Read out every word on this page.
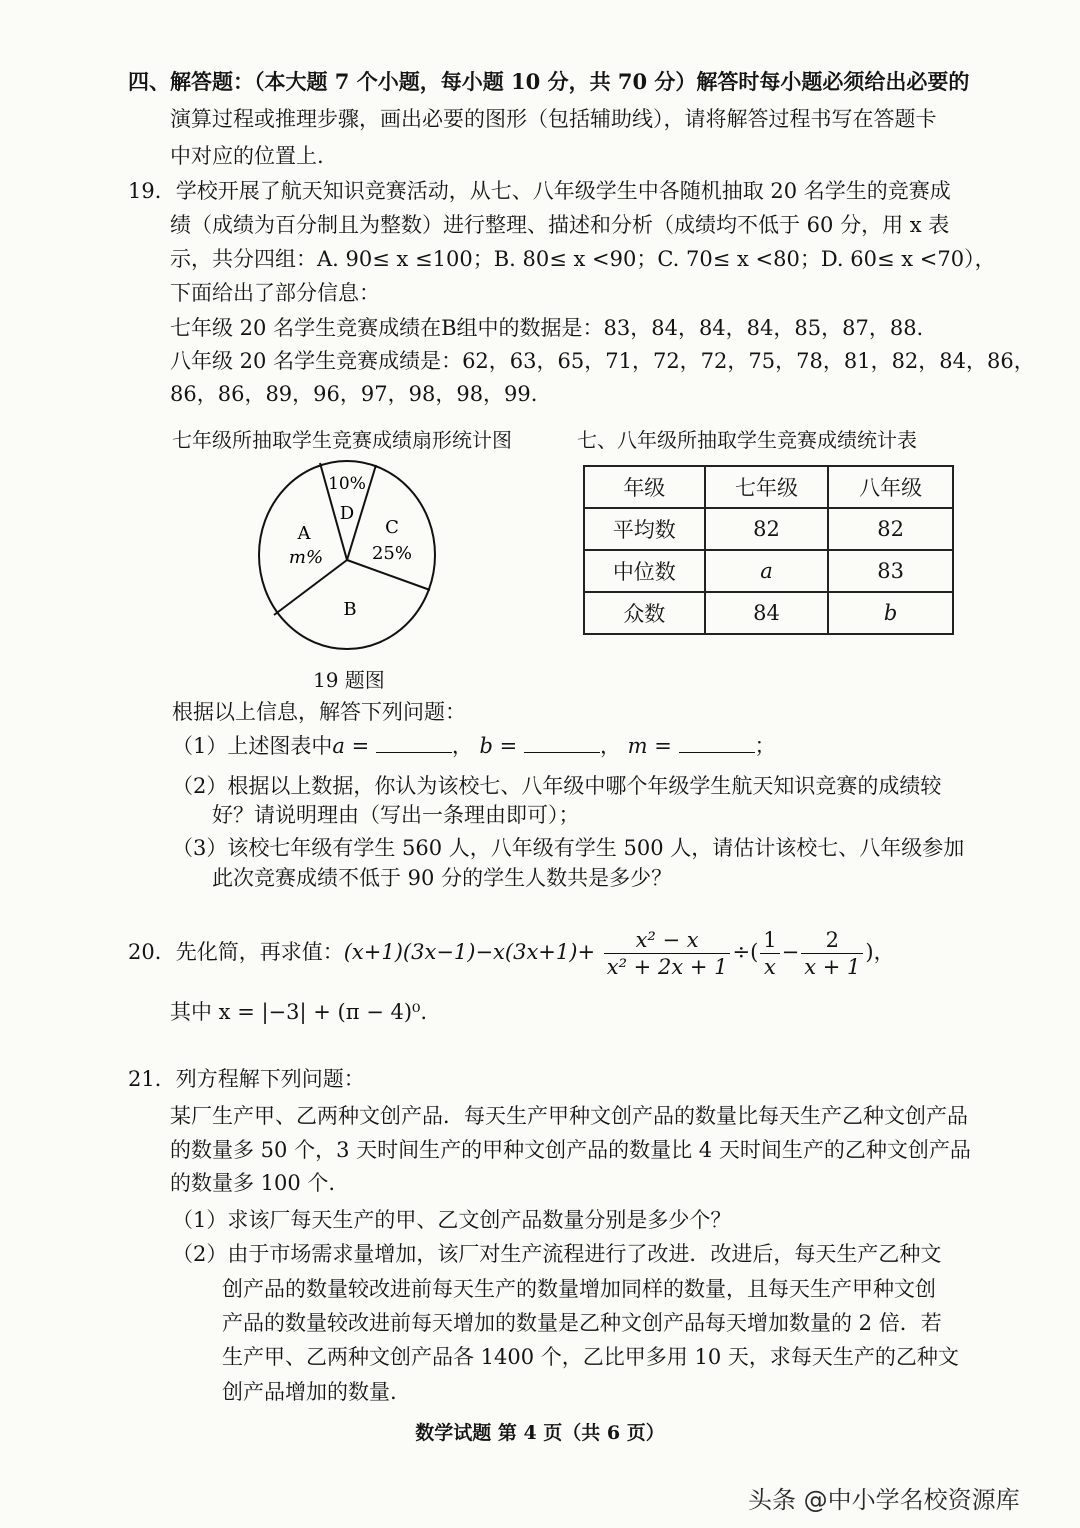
四、解答题：（本大题 7 个小题，每小题 10 分，共 70 分）解答时每小题必须给出必要的
演算过程或推理步骤，画出必要的图形（包括辅助线），请将解答过程书写在答题卡
中对应的位置上.
19．学校开展了航天知识竞赛活动，从七、八年级学生中各随机抽取 20 名学生的竞赛成
绩（成绩为百分制且为整数）进行整理、描述和分析（成绩均不低于 60 分，用 x 表
示，共分四组：A. 90≤ x ≤100；B. 80≤ x <90；C. 70≤ x <80；D. 60≤ x <70），
下面给出了部分信息：
七年级 20 名学生竞赛成绩在B组中的数据是：83，84，84，84，85，87，88.
八年级 20 名学生竞赛成绩是：62，63，65，71，72，72，75，78，81，82，84，86，
86，86，89，96，97，98，98，99.
七年级所抽取学生竞赛成绩扇形统计图	七、八年级所抽取学生竞赛成绩统计表
10%
D
A
m%
C
25%
B
年级	七年级	八年级
平均数	82	82
中位数	a	83
众数	84	b
19 题图
根据以上信息，解答下列问题：
（1）上述图表中a =	， b =	， m =	；
（2）根据以上数据，你认为该校七、八年级中哪个年级学生航天知识竞赛的成绩较
好？请说明理由（写出一条理由即可）；
（3）该校七年级有学生 560 人，八年级有学生 500 人，请估计该校七、八年级参加
此次竞赛成绩不低于 90 分的学生人数共是多少？
20．先化简，再求值：$(x+1)(3x-1)-x(3x+1)+ \frac{\text{x² − x}}{\text{x² + 2x + 1}}$ ÷( $\frac{1}{x} - \frac{2}{x + 1}$ )，
其中 x = |−3| + (π − 4)⁰.
21．列方程解下列问题：
某厂生产甲、乙两种文创产品．每天生产甲种文创产品的数量比每天生产乙种文创产品
的数量多 50 个，3 天时间生产的甲种文创产品的数量比 4 天时间生产的乙种文创产品
的数量多 100 个.
（1）求该厂每天生产的甲、乙文创产品数量分别是多少个？
（2）由于市场需求量增加，该厂对生产流程进行了改进．改进后，每天生产乙种文
创产品的数量较改进前每天生产的数量增加同样的数量，且每天生产甲种文创
产品的数量较改进前每天增加的数量是乙种文创产品每天增加数量的 2 倍．若
生产甲、乙两种文创产品各 1400 个，乙比甲多用 10 天，求每天生产的乙种文
创产品增加的数量.
数学试题 第 4 页（共 6 页）
头条 @中小学名校资源库
